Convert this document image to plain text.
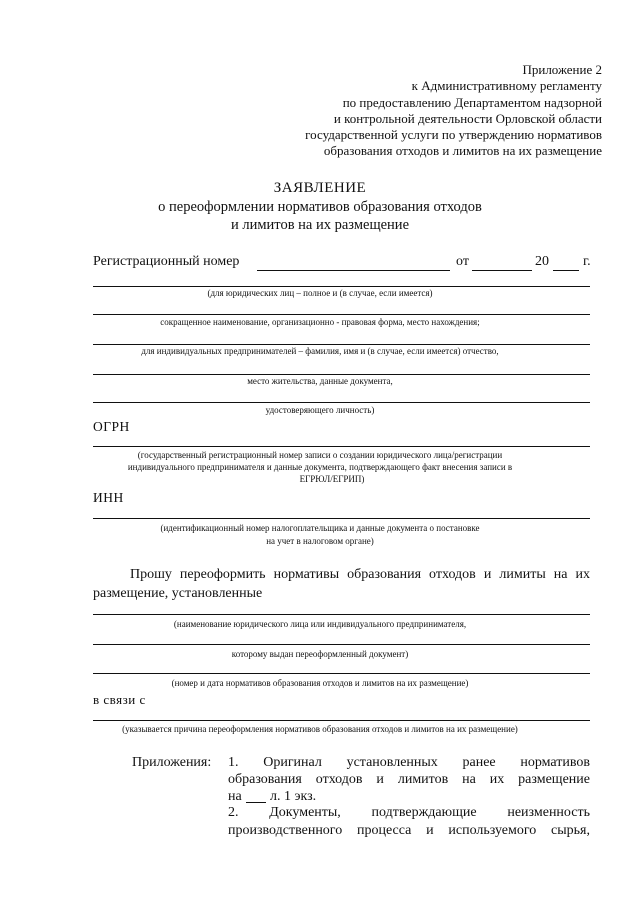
Приложение 2
к Административному регламенту
по предоставлению Департаментом надзорной
и контрольной деятельности Орловской области
государственной услуги по утверждению нормативов
образования отходов и лимитов на их размещение
ЗАЯВЛЕНИЕ
о переоформлении нормативов образования отходов
и лимитов на их размещение
Регистрационный номер	от	20 г.
(для юридических лиц – полное и (в случае, если имеется)
сокращенное наименование, организационно - правовая форма, место нахождения;
для индивидуальных предпринимателей – фамилия, имя и (в случае, если имеется) отчество,
место жительства, данные документа,
удостоверяющего личность)
ОГРН
(государственный регистрационный номер записи о создании юридического лица/регистрации
индивидуального предпринимателя и данные документа, подтверждающего факт внесения записи в
ЕГРЮЛ/ЕГРИП)
ИНН
(идентификационный номер налогоплательщика и данные документа о постановке
на учет в налоговом органе)
Прошу переоформить нормативы образования отходов и лимиты на их
размещение, установленные
(наименование юридического лица или индивидуального предпринимателя,
которому выдан переоформленный документ)
(номер и дата нормативов образования отходов и лимитов на их размещение)
в связи с
(указывается причина переоформления нормативов образования отходов и лимитов на их размещение)
Приложения: 1. Оригинал установленных ранее нормативов
образования отходов и лимитов на их размещение
на л. 1 экз.
2. Документы, подтверждающие неизменность
производственного процесса и используемого сырья,
